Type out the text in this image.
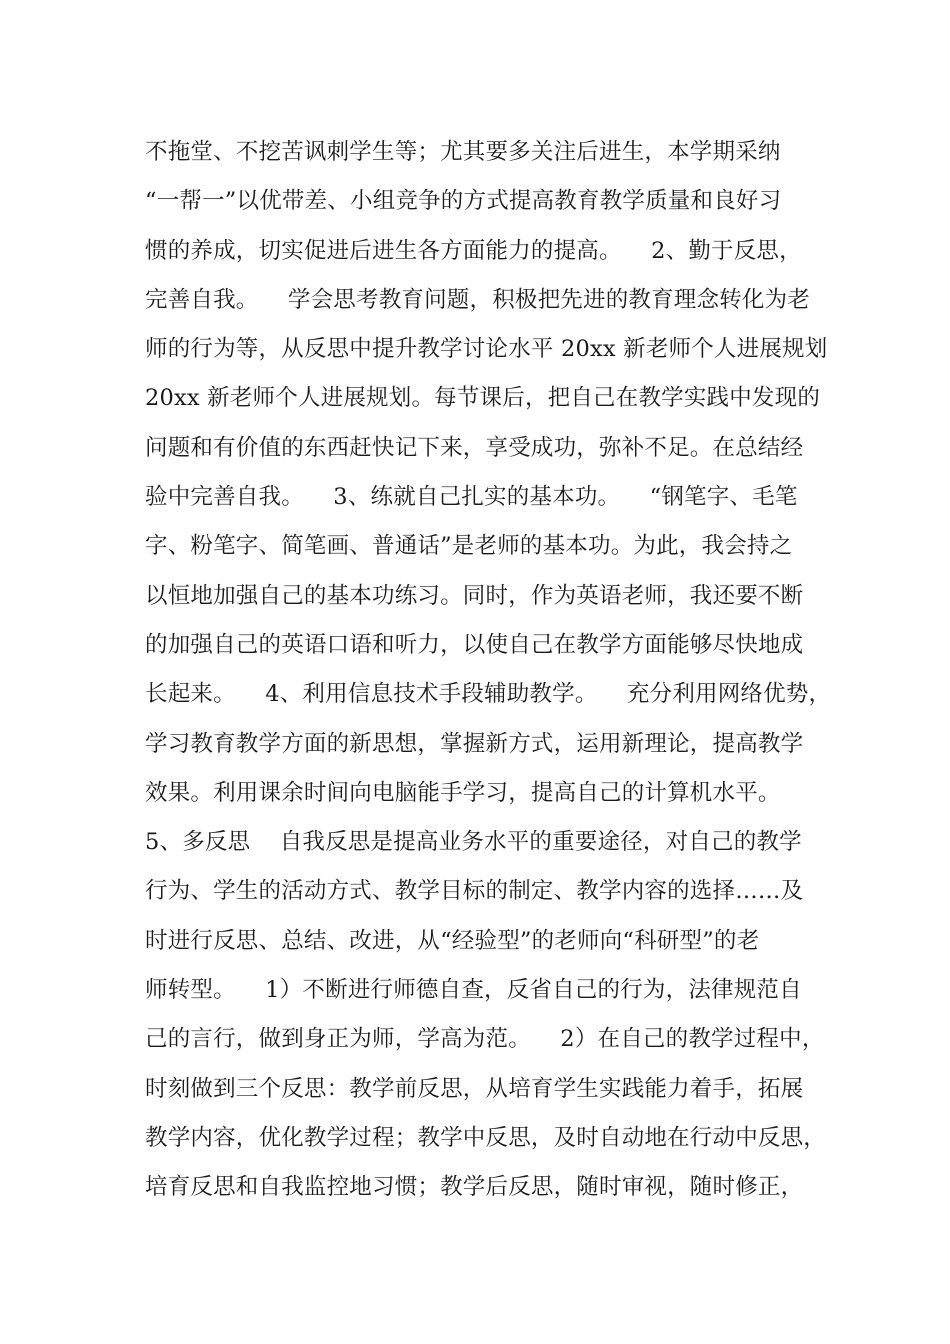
不拖堂、不挖苦讽刺学生等；尤其要多关注后进生，本学期采纳
“一帮一”以优带差、小组竞争的方式提高教育教学质量和良好习
惯的养成，切实促进后进生各方面能力的提高。    2、勤于反思，
完善自我。    学会思考教育问题，积极把先进的教育理念转化为老
师的行为等，从反思中提升教学讨论水平 20xx 新老师个人进展规划
20xx 新老师个人进展规划。每节课后，把自己在教学实践中发现的
问题和有价值的东西赶快记下来，享受成功，弥补不足。在总结经
验中完善自我。    3、练就自己扎实的基本功。    “钢笔字、毛笔
字、粉笔字、简笔画、普通话”是老师的基本功。为此，我会持之
以恒地加强自己的基本功练习。同时，作为英语老师，我还要不断
的加强自己的英语口语和听力，以使自己在教学方面能够尽快地成
长起来。    4、利用信息技术手段辅助教学。    充分利用网络优势，
学习教育教学方面的新思想，掌握新方式，运用新理论，提高教学
效果。利用课余时间向电脑能手学习，提高自己的计算机水平。
5、多反思    自我反思是提高业务水平的重要途径，对自己的教学
行为、学生的活动方式、教学目标的制定、教学内容的选择……及
时进行反思、总结、改进，从“经验型”的老师向“科研型”的老
师转型。    1）不断进行师德自查，反省自己的行为，法律规范自
己的言行，做到身正为师，学高为范。    2）在自己的教学过程中，
时刻做到三个反思：教学前反思，从培育学生实践能力着手，拓展
教学内容，优化教学过程；教学中反思，及时自动地在行动中反思，
培育反思和自我监控地习惯；教学后反思，随时审视，随时修正，
